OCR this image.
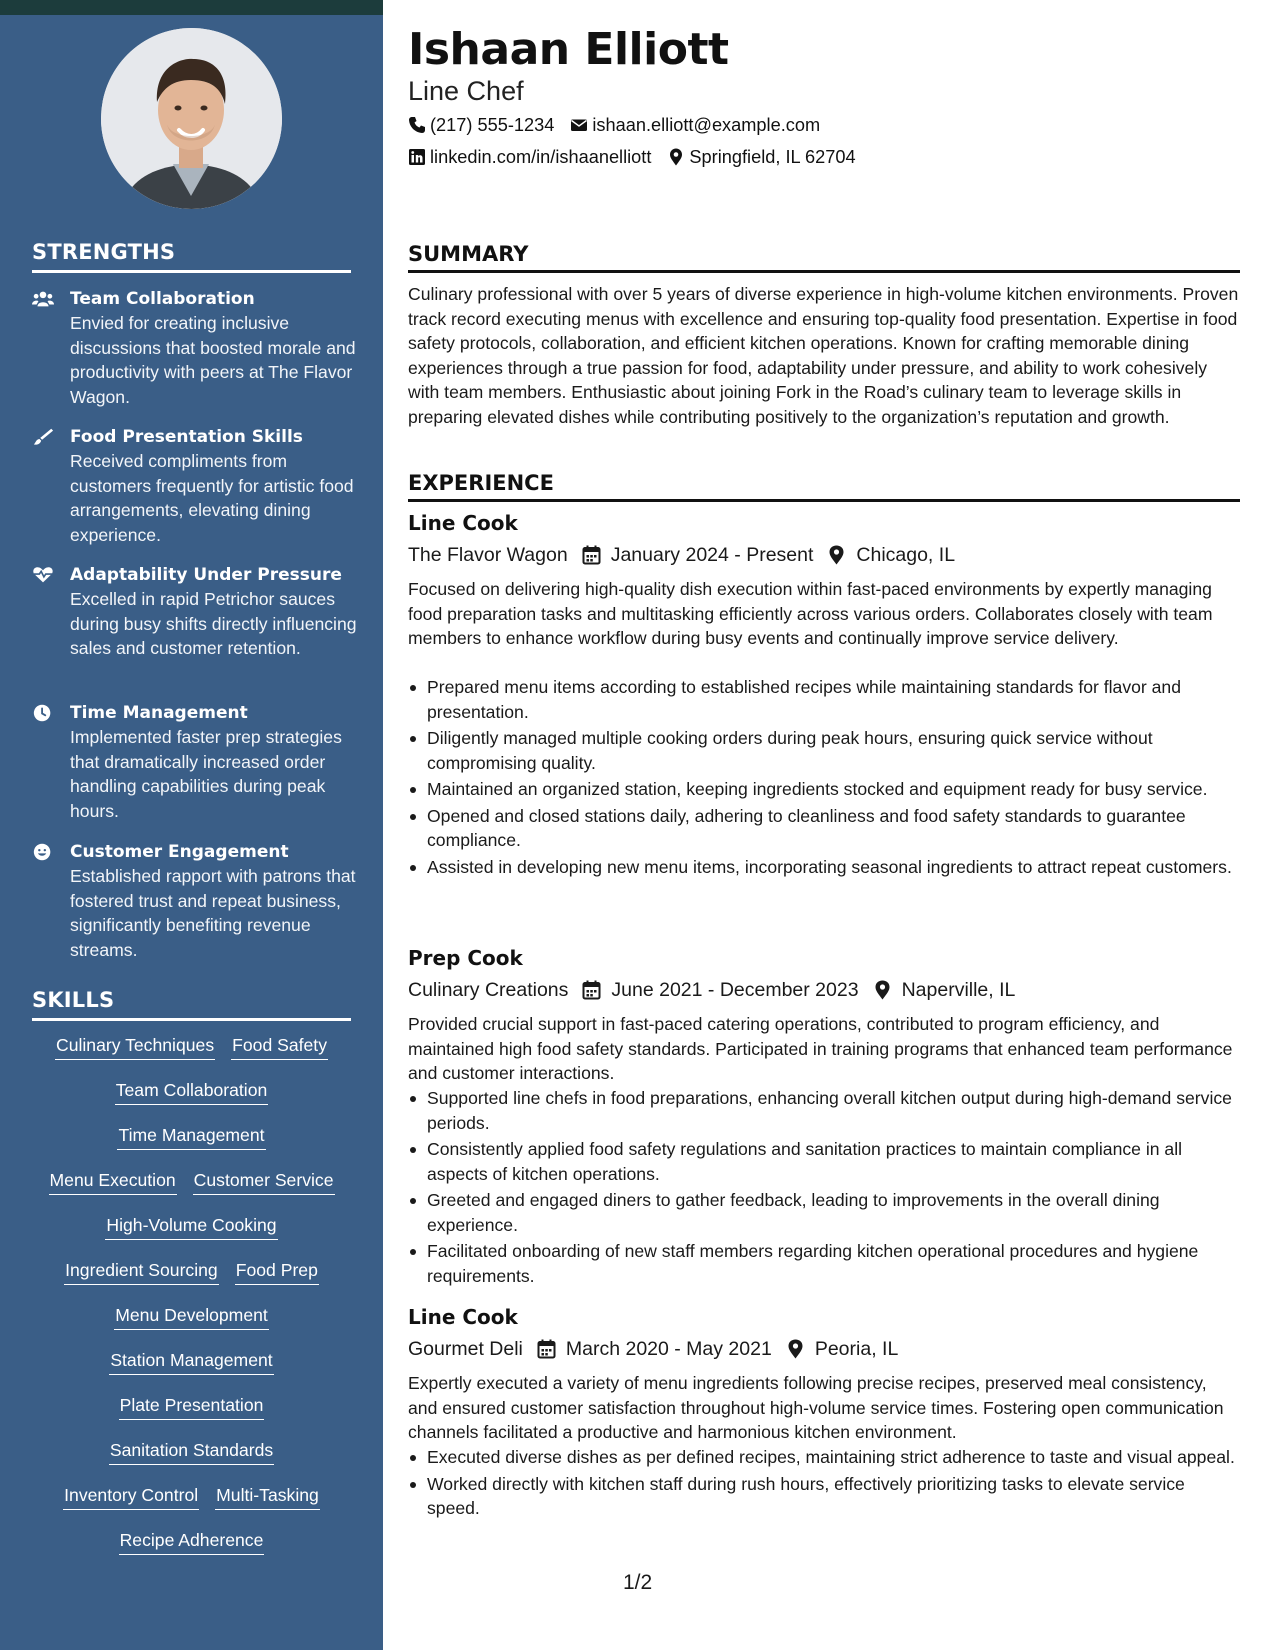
STRENGTHS
Team Collaboration
Envied for creating inclusive discussions that boosted morale and productivity with peers at The Flavor Wagon.
Food Presentation Skills
Received compliments from customers frequently for artistic food arrangements, elevating dining experience.
Adaptability Under Pressure
Excelled in rapid Petrichor sauces during busy shifts directly influencing sales and customer retention.
Time Management
Implemented faster prep strategies that dramatically increased order handling capabilities during peak hours.
Customer Engagement
Established rapport with patrons that fostered trust and repeat business, significantly benefiting revenue streams.
SKILLS
Culinary Techniques Food Safety
Team Collaboration
Time Management
Menu Execution Customer Service
High-Volume Cooking
Ingredient Sourcing Food Prep
Menu Development
Station Management
Plate Presentation
Sanitation Standards
Inventory Control Multi-Tasking
Recipe Adherence
Ishaan Elliott
Line Chef
(217) 555-1234 ishaan.elliott@example.com
linkedin.com/in/ishaanelliott Springfield, IL 62704
SUMMARY
Culinary professional with over 5 years of diverse experience in high-volume kitchen environments. Proven track record executing menus with excellence and ensuring top-quality food presentation. Expertise in food safety protocols, collaboration, and efficient kitchen operations. Known for crafting memorable dining experiences through a true passion for food, adaptability under pressure, and ability to work cohesively with team members. Enthusiastic about joining Fork in the Road’s culinary team to leverage skills in preparing elevated dishes while contributing positively to the organization’s reputation and growth.
EXPERIENCE
Line Cook
The Flavor Wagon January 2024 - Present Chicago, IL
Focused on delivering high-quality dish execution within fast-paced environments by expertly managing food preparation tasks and multitasking efficiently across various orders. Collaborates closely with team members to enhance workflow during busy events and continually improve service delivery.
Prepared menu items according to established recipes while maintaining standards for flavor and presentation.
Diligently managed multiple cooking orders during peak hours, ensuring quick service without compromising quality.
Maintained an organized station, keeping ingredients stocked and equipment ready for busy service.
Opened and closed stations daily, adhering to cleanliness and food safety standards to guarantee compliance.
Assisted in developing new menu items, incorporating seasonal ingredients to attract repeat customers.
Prep Cook
Culinary Creations June 2021 - December 2023 Naperville, IL
Provided crucial support in fast-paced catering operations, contributed to program efficiency, and maintained high food safety standards. Participated in training programs that enhanced team performance and customer interactions.
Supported line chefs in food preparations, enhancing overall kitchen output during high-demand service periods.
Consistently applied food safety regulations and sanitation practices to maintain compliance in all aspects of kitchen operations.
Greeted and engaged diners to gather feedback, leading to improvements in the overall dining experience.
Facilitated onboarding of new staff members regarding kitchen operational procedures and hygiene requirements.
Line Cook
Gourmet Deli March 2020 - May 2021 Peoria, IL
Expertly executed a variety of menu ingredients following precise recipes, preserved meal consistency, and ensured customer satisfaction throughout high-volume service times. Fostering open communication channels facilitated a productive and harmonious kitchen environment.
Executed diverse dishes as per defined recipes, maintaining strict adherence to taste and visual appeal.
Worked directly with kitchen staff during rush hours, effectively prioritizing tasks to elevate service speed.
1/2
